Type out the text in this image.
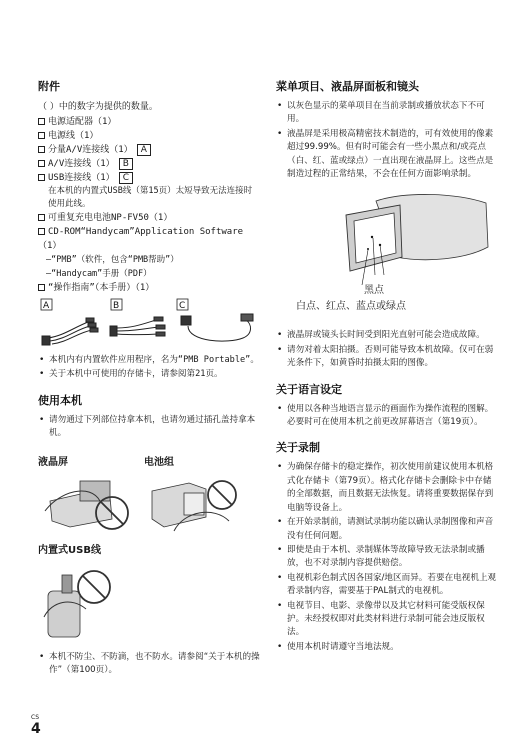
附件

（ ）中的数字为提供的数量。

电源适配器（1）
电源线（1）
分量A/V连接线（1） A
A/V连接线（1） B
USB连接线（1） C
在本机的内置式USB线（第15页）太短导致无法连接时使用此线。
可重复充电电池NP-FV50（1）
CD-ROM“Handycam”Application Software（1）
–“PMB”（软件，包含“PMB帮助”）
–“Handycam”手册（PDF）
“操作指南”（本手册）（1）
A	B	C
• 本机内有内置软件应用程序，名为“PMB Portable”。
• 关于本机中可使用的存储卡，请参阅第21页。
使用本机
• 请勿通过下列部位持拿本机，也请勿通过插孔盖持拿本机。
液晶屏	电池组
内置式USB线
• 本机不防尘、不防滴，也不防水。请参阅“关于本机的操作”（第100页）。
菜单项目、液晶屏面板和镜头
• 以灰色显示的菜单项目在当前录制或播放状态下不可用。
• 液晶屏是采用极高精密技术制造的，可有效使用的像素超过99.99%。但有时可能会有一些小黑点和/或亮点（白、红、蓝或绿点）一直出现在液晶屏上。这些点是制造过程的正常结果，不会在任何方面影响录制。
黑点
白点、红点、蓝点或绿点
• 液晶屏或镜头长时间受到阳光直射可能会造成故障。
• 请勿对着太阳拍摄。否则可能导致本机故障。仅可在弱光条件下，如黄昏时拍摄太阳的图像。
关于语言设定
• 使用以各种当地语言显示的画面作为操作流程的图解。必要时可在使用本机之前更改屏幕语言（第19页）。
关于录制
• 为确保存储卡的稳定操作，初次使用前建议使用本机格式化存储卡（第79页）。格式化存储卡会删除卡中存储的全部数据，而且数据无法恢复。请将重要数据保存到电脑等设备上。
• 在开始录制前，请测试录制功能以确认录制图像和声音没有任何问题。
• 即使是由于本机、录制媒体等故障导致无法录制或播放，也不对录制内容提供赔偿。
• 电视机彩色制式因各国家/地区而异。若要在电视机上观看录制内容，需要基于PAL制式的电视机。
• 电视节目、电影、录像带以及其它材料可能受版权保护。未经授权即对此类材料进行录制可能会违反版权法。
• 使用本机时请遵守当地法规。
CS
4
